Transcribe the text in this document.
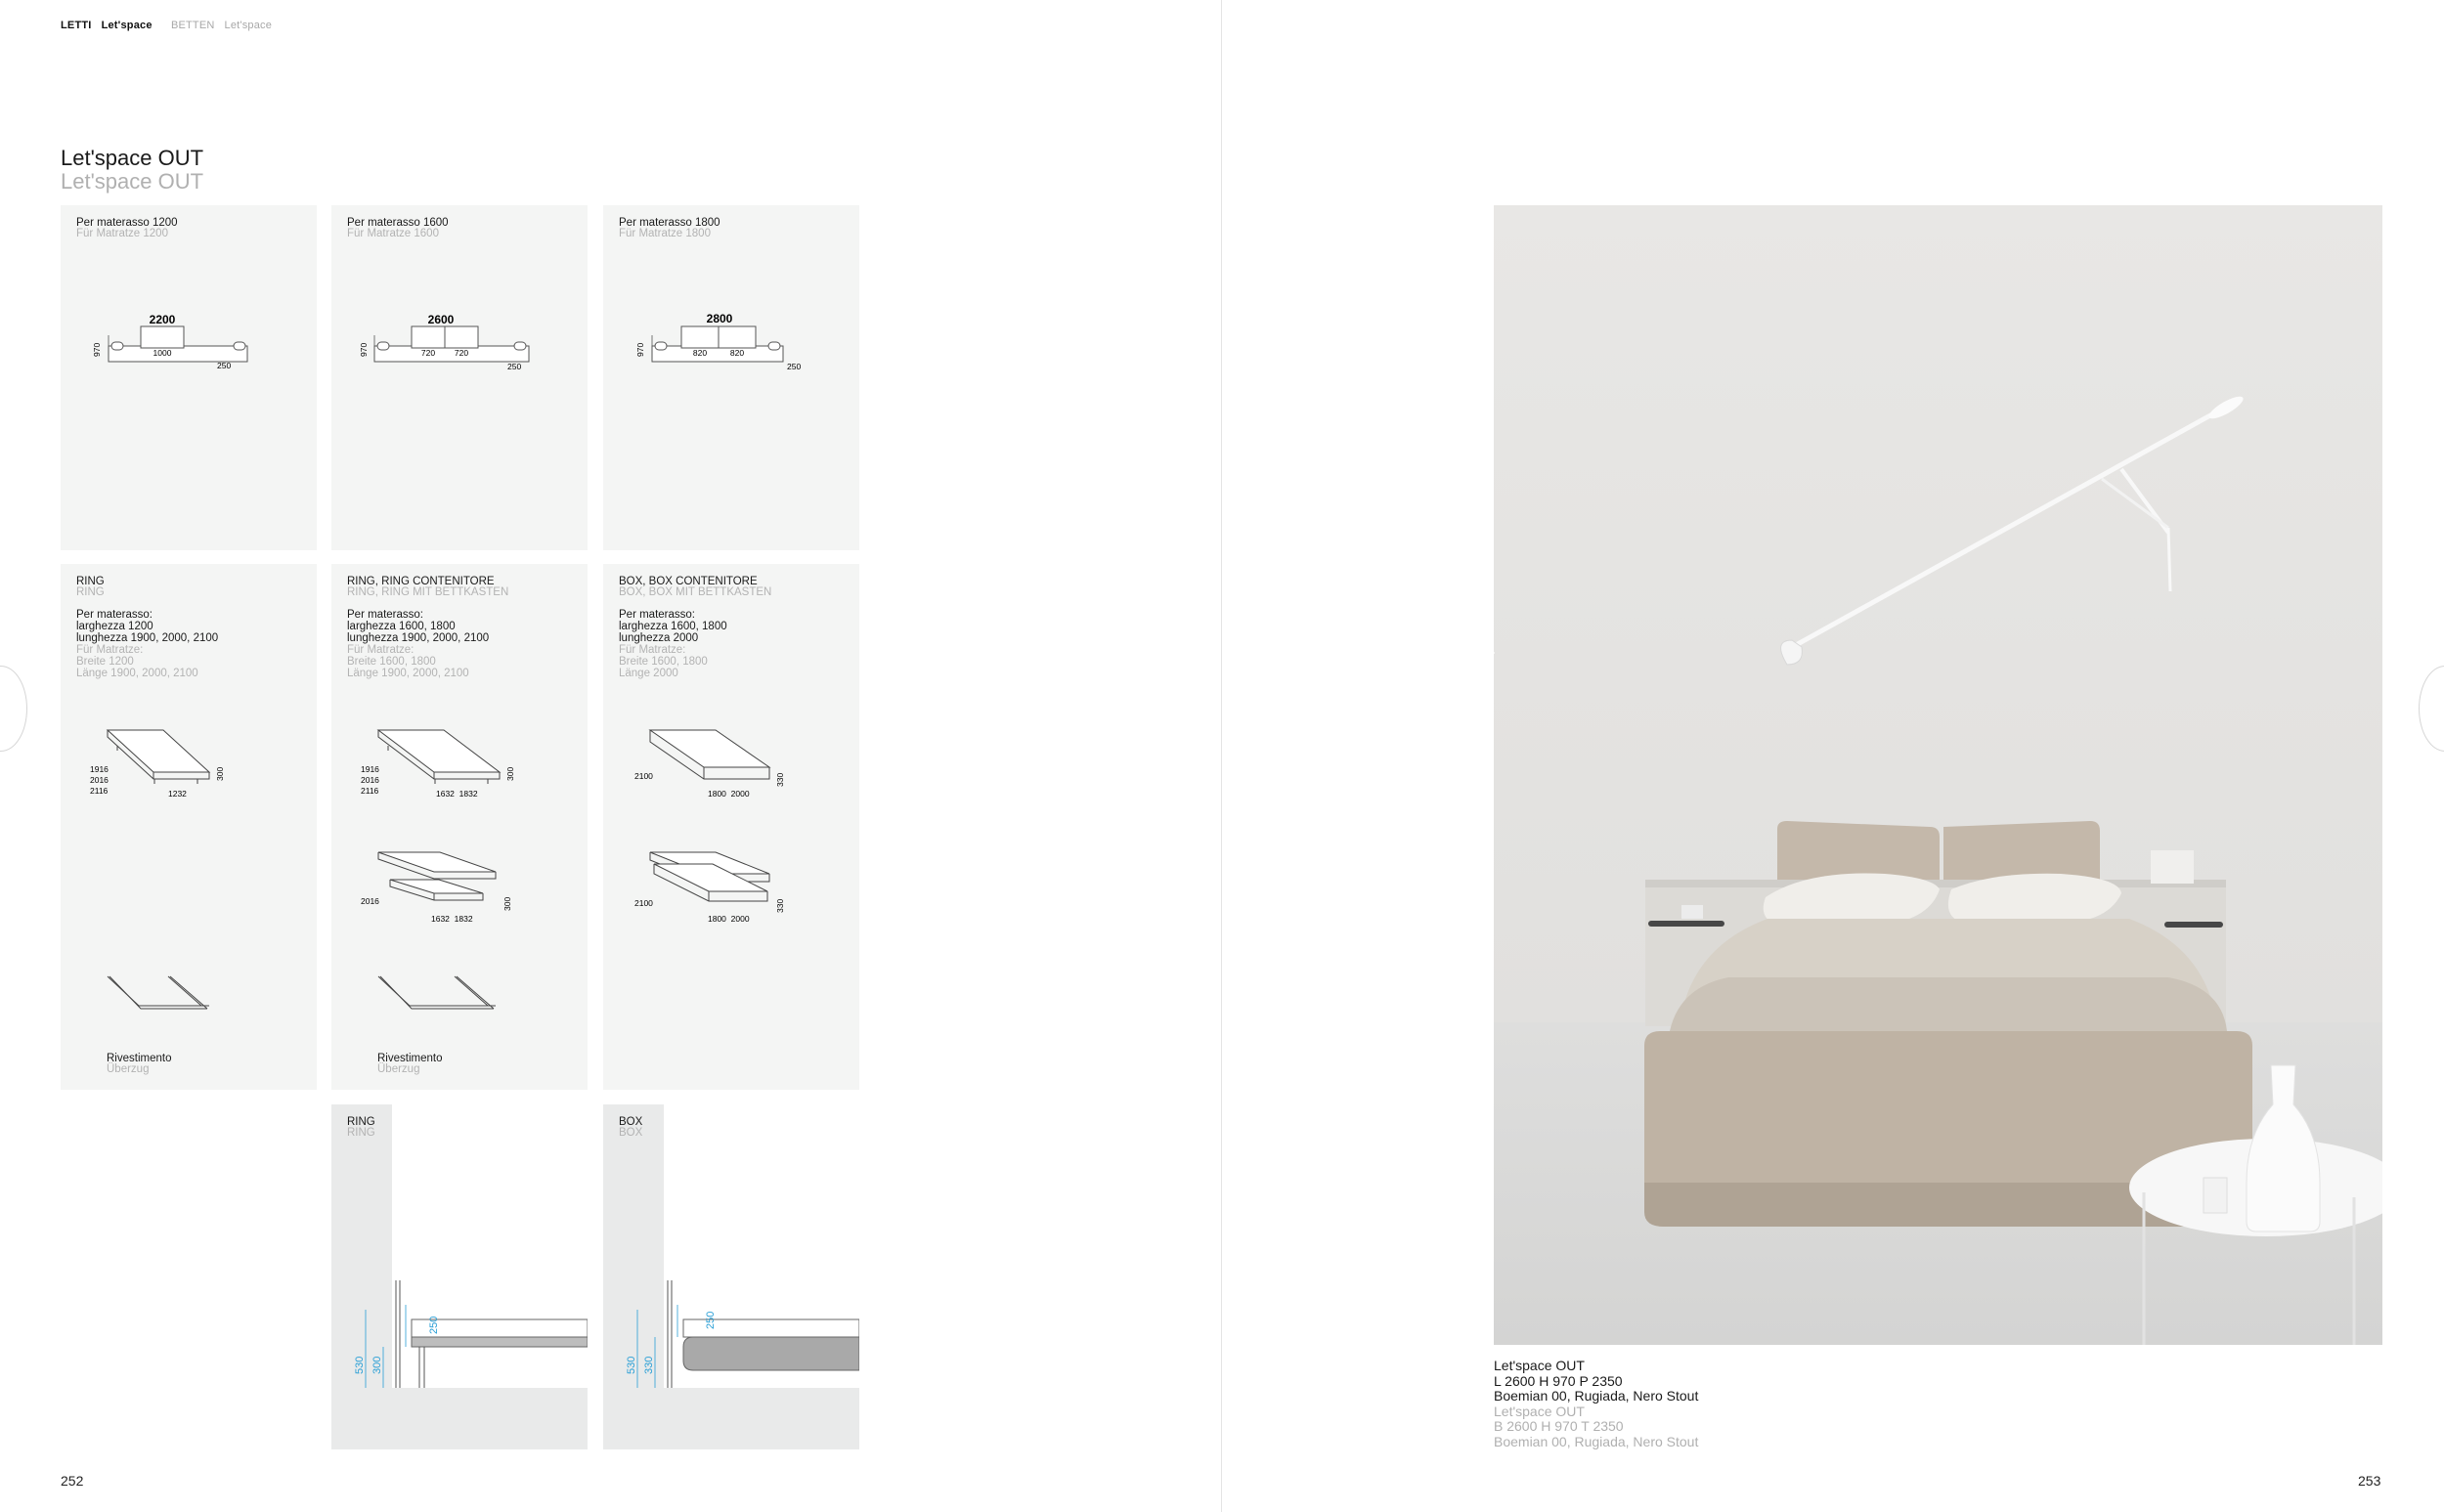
LETTI Let'space BETTEN Let'space
Let'space OUT
Let'space OUT
Per materasso 1200
Für Matratze 1200
2200
1000
970
250
Per materasso 1600
Für Matratze 1600
2600
720 720
970
250
Per materasso 1800
Für Matratze 1800
2800
820	820
970
250
RING
RING
Per materasso:
larghezza 1200
lunghezza 1900, 2000, 2100
Für Matratze:
Breite 1200
Länge 1900, 2000, 2100
1916
2016
2116	1232
300
Rivestimento
Überzug
RING, RING CONTENITORE
RING, RING MIT BETTKASTEN
Per materasso:
larghezza 1600, 1800
lunghezza 1900, 2000, 2100
Für Matratze:
Breite 1600, 1800
Länge 1900, 2000, 2100
1916
2016
2116	1632  1832
300
2016
1632  1832
300
Rivestimento
Überzug
BOX, BOX CONTENITORE
BOX, BOX MIT BETTKASTEN
Per materasso:
larghezza 1600, 1800
lunghezza 2000
Für Matratze:
Breite 1600, 1800
Länge 2000
2100
1800  2000
330
2100
1800  2000
330
RING
RING
530 300
250
BOX
BOX
530 330
250
Let'space OUT
L 2600 H 970 P 2350
Boemian 00, Rugiada, Nero Stout
Let'space OUT
B 2600 H 970 T 2350
Boemian 00, Rugiada, Nero Stout
252	253
